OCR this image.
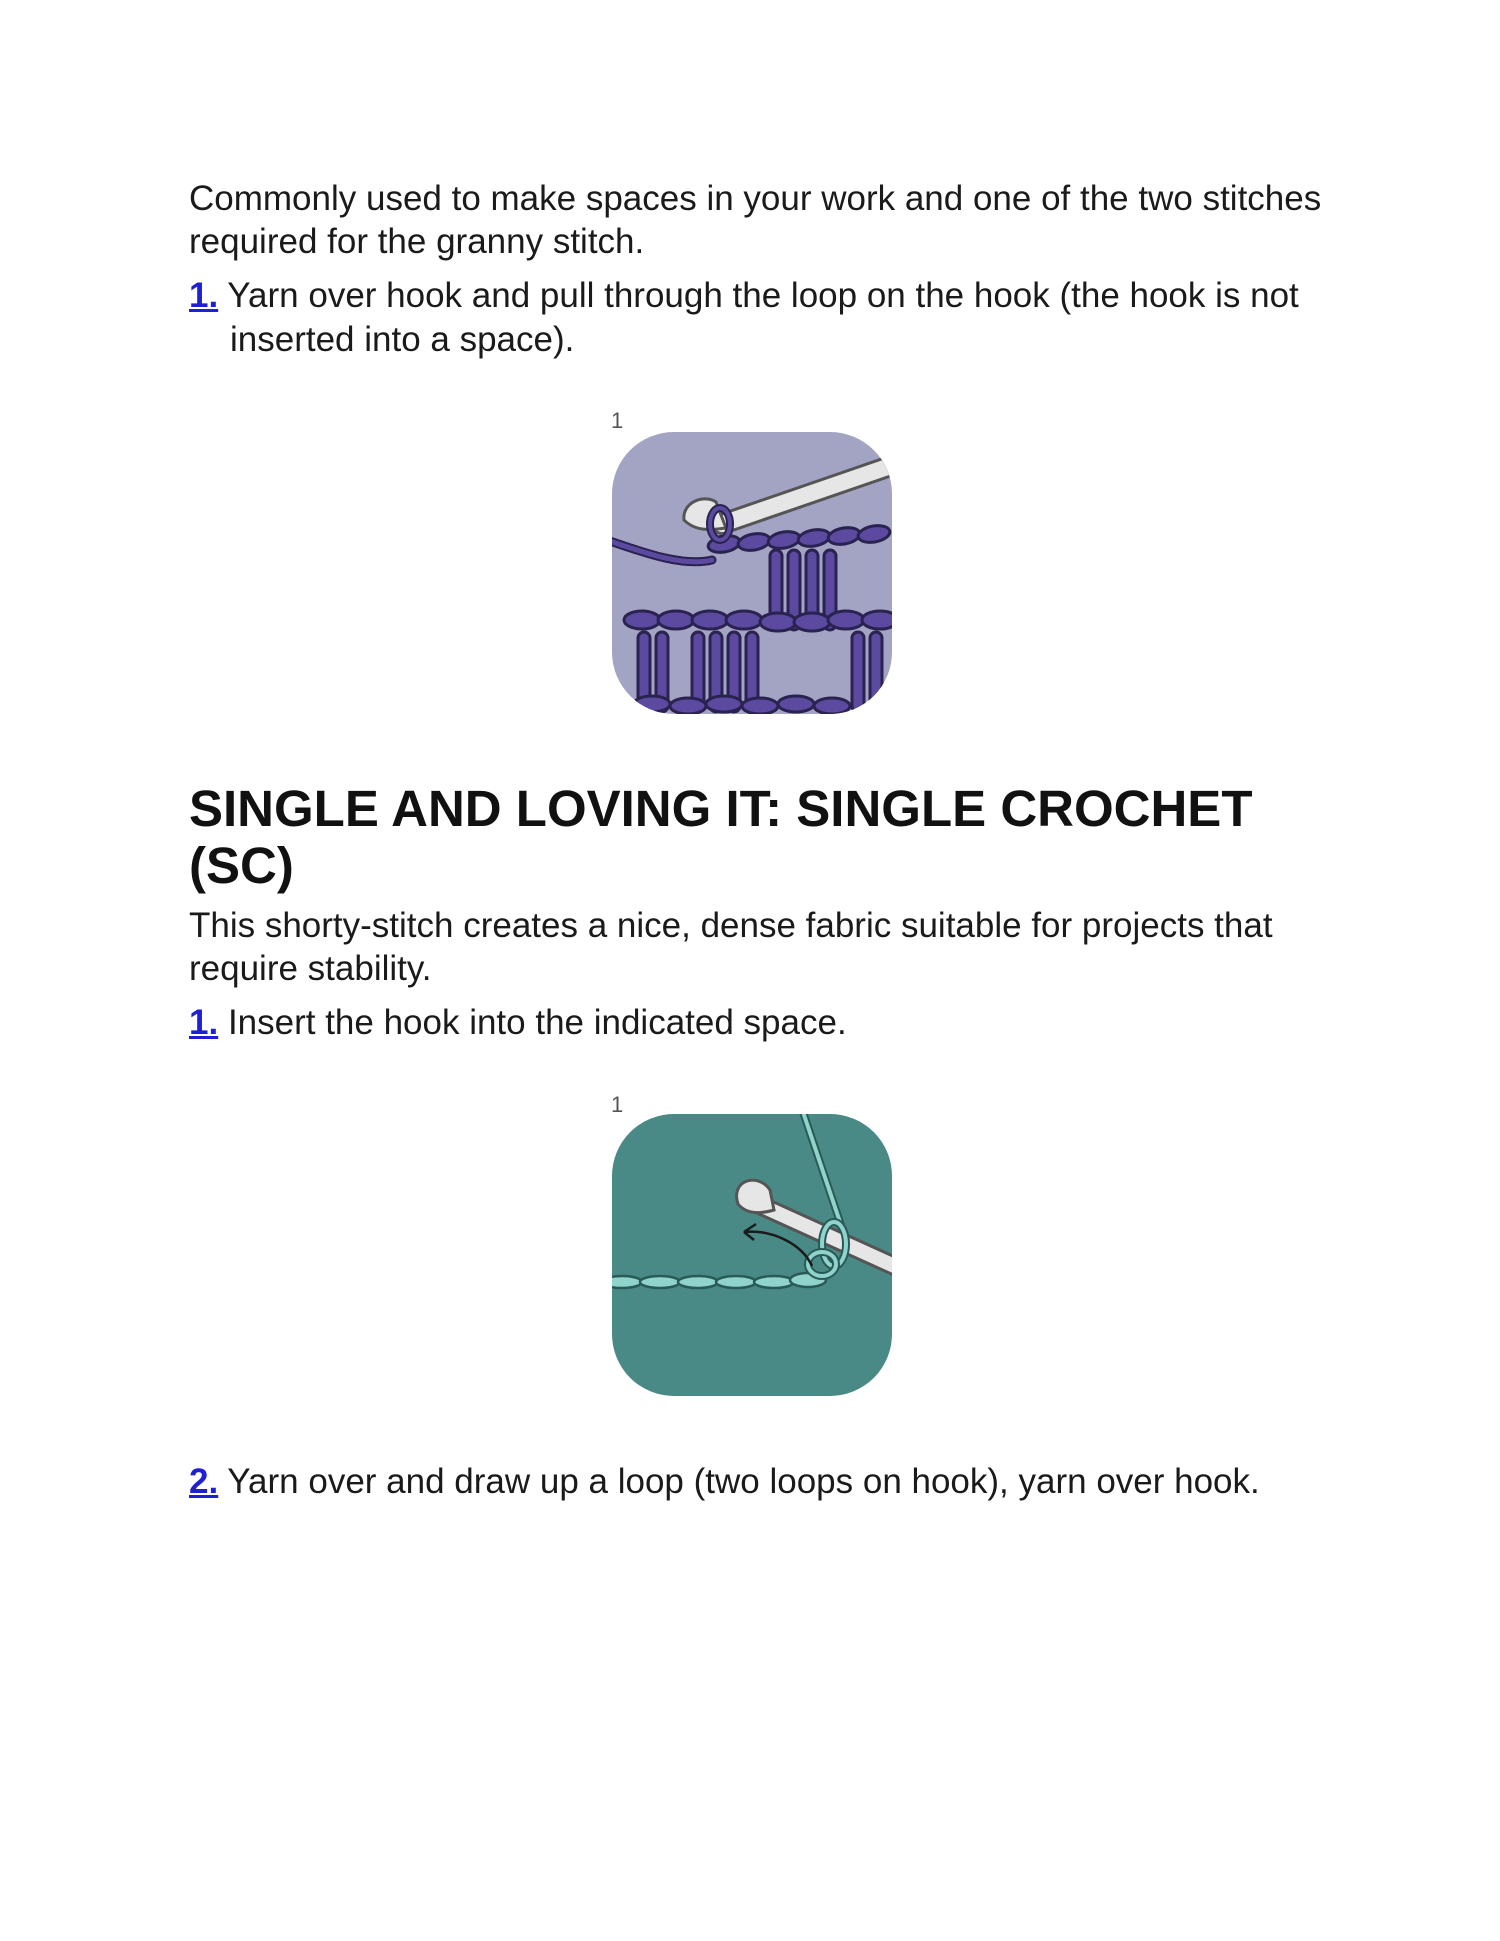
Commonly used to make spaces in your work and one of the two stitches required for the granny stitch.

1. Yarn over hook and pull through the loop on the hook (the hook is not inserted into a space).

1
SINGLE AND LOVING IT: SINGLE CROCHET (SC)

This shorty-stitch creates a nice, dense fabric suitable for projects that require stability.

1. Insert the hook into the indicated space.

1

2. Yarn over and draw up a loop (two loops on hook), yarn over hook.
